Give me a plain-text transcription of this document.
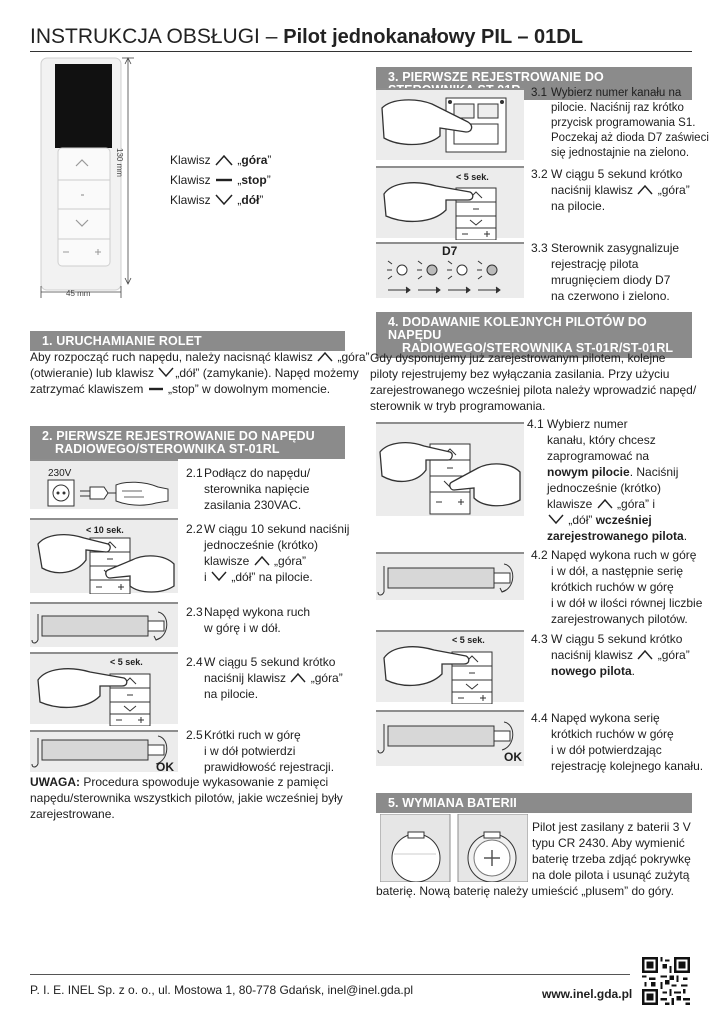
INSTRUKCJA OBSŁUGI – Pilot jednokanałowy PIL – 01DL
130 mm
45 mm
Klawisz „góra”
Klawisz „stop”
Klawisz „dół”
1. URUCHAMIANIE ROLET
Aby rozpocząć ruch napędu, należy nacisnąć klawisz „góra”
(otwieranie) lub klawisz „dół” (zamykanie). Napęd możemy
zatrzymać klawiszem „stop” w dowolnym momencie.
2. PIERWSZE REJESTROWANIE DO NAPĘDU
RADIOWEGO/STEROWNIKA ST-01RL
230V	2.1 Podłącz do napędu/
sterownika napięcie
zasilania 230VAC.
< 10 sek.	2.2 W ciągu 10 sekund naciśnij
jednocześnie (krótko)
klawisze „góra”
i „dół” na pilocie.
2.3 Napęd wykona ruch
w górę i w dół.
< 5 sek.	2.4 W ciągu 5 sekund krótko
naciśnij klawisz „góra”
na pilocie.
OK
2.5 Krótki ruch w górę
i w dół potwierdzi
prawidłowość rejestracji.
UWAGA: Procedura spowoduje wykasowanie z pamięci
napędu/sterownika wszystkich pilotów, jakie wcześniej były
zarejestrowane.
3. PIERWSZE REJESTROWANIE DO
3.1 Wybierz numer kanału na
pilocie. Naciśnij raz krótko
przycisk programowania S1.
Poczekaj aż dioda D7 zaświeci
się jednostajnie na zielono.
< 5 sek.	3.2 W ciągu 5 sekund krótko
naciśnij klawisz „góra”
na pilocie.
D7	3.3 Sterownik zasygnalizuje
rejestrację pilota
mrugnięciem diody D7
na czerwono i zielono.
4. DODAWANIE KOLEJNYCH PILOTÓW DO NAPĘDU
RADIOWEGO/STEROWNIKA ST-01R/ST-01RL
Gdy dysponujemy już zarejestrowanym pilotem, kolejne
piloty rejestrujemy bez wyłączania zasilania. Przy użyciu
zarejestrowanego wcześniej pilota należy wprowadzić napęd/
sterownik w tryb programowania.
4.1 Wybierz numer
kanału, który chcesz
zaprogramować na
nowym pilocie. Naciśnij
jednocześnie (krótko)
klawisze „góra” i
„dół” wcześniej
zarejestrowanego pilota.
4.2 Napęd wykona ruch w górę
i w dół, a następnie serię
krótkich ruchów w górę
i w dół w ilości równej liczbie
zarejestrowanych pilotów.
< 5 sek.	4.3 W ciągu 5 sekund krótko
naciśnij klawisz „góra”
nowego pilota.
OK
4.4 Napęd wykona serię
krótkich ruchów w górę
i w dół potwierdzając
rejestrację kolejnego kanału.
5. WYMIANA BATERII
Pilot jest zasilany z baterii 3 V
typu CR 2430. Aby wymienić
baterię trzeba zdjąć pokrywkę
na dole pilota i usunąć zużytą
baterię. Nową baterię należy umieścić „plusem” do góry.
P. I. E. INEL Sp. z o. o., ul. Mostowa 1, 80-778 Gdańsk, inel@inel.gda.pl	www.inel.gda.pl
